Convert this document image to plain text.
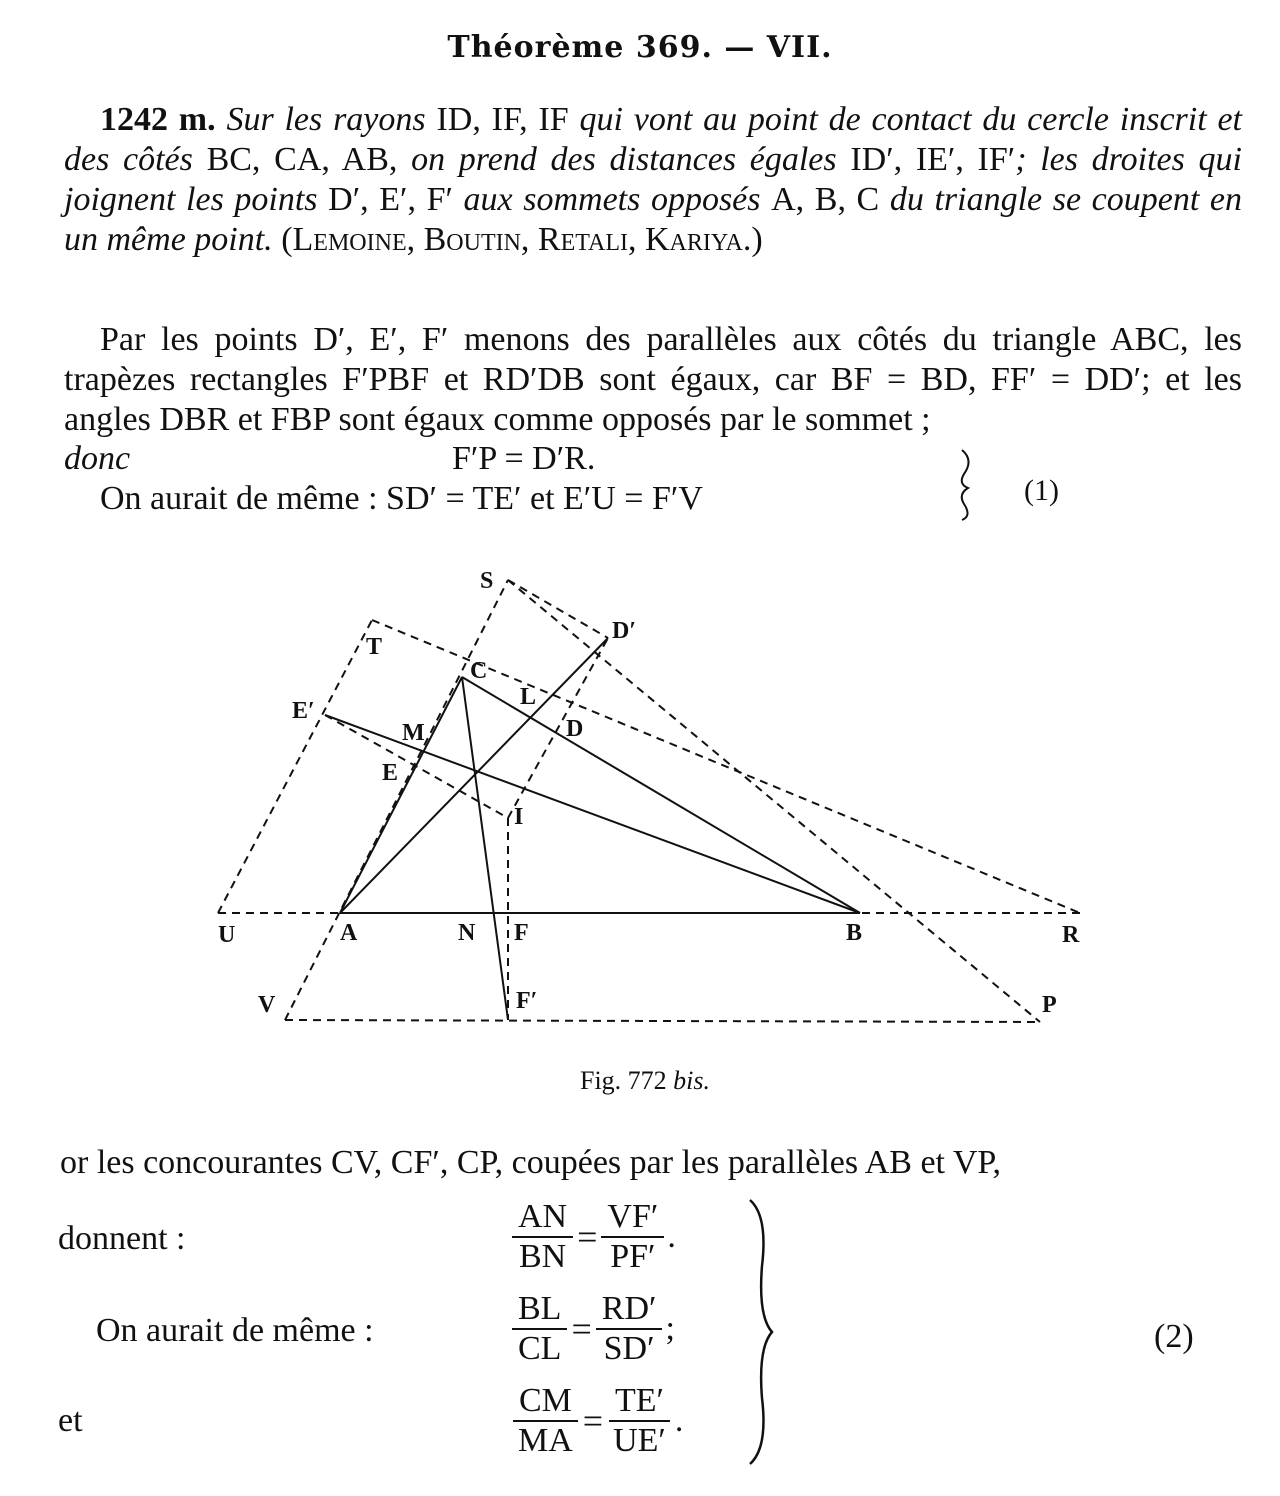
Théorème 369. — VII.
1242 m. Sur les rayons ID, IF, IF qui vont au point de contact du cercle inscrit et des côtés BC, CA, AB, on prend des distances égales ID′, IE′, IF′; les droites qui joignent les points D′, E′, F′ aux sommets opposés A, B, C du triangle se coupent en un même point. (Lemoine, Boutin, Retali, Kariya.)
Par les points D′, E′, F′ menons des parallèles aux côtés du triangle ABC, les trapèzes rectangles F′PBF et RD′DB sont égaux, car BF = BD, FF′ = DD′; et les angles DBR et FBP sont égaux comme opposés par le sommet ;
donc	F′P = D′R.
On aurait de même : SD′ = TE′ et E′U = F′V	(1)
S
T
C
D′
L
E′
M	D
E
I
U	A	N F	B	R
V	F′	P
Fig. 772 bis.
or les concourantes CV, CF′, CP, coupées par les parallèles AB et VP,
donnent :
On aurait de même :
et
$\frac{AN}{BN} = \frac{VF'}{PF'}$ .
$\frac{BL}{CL} = \frac{RD'}{SD'}$ ;
$\frac{CM}{MA} = \frac{TE'}{UE'}$ .
(2)
